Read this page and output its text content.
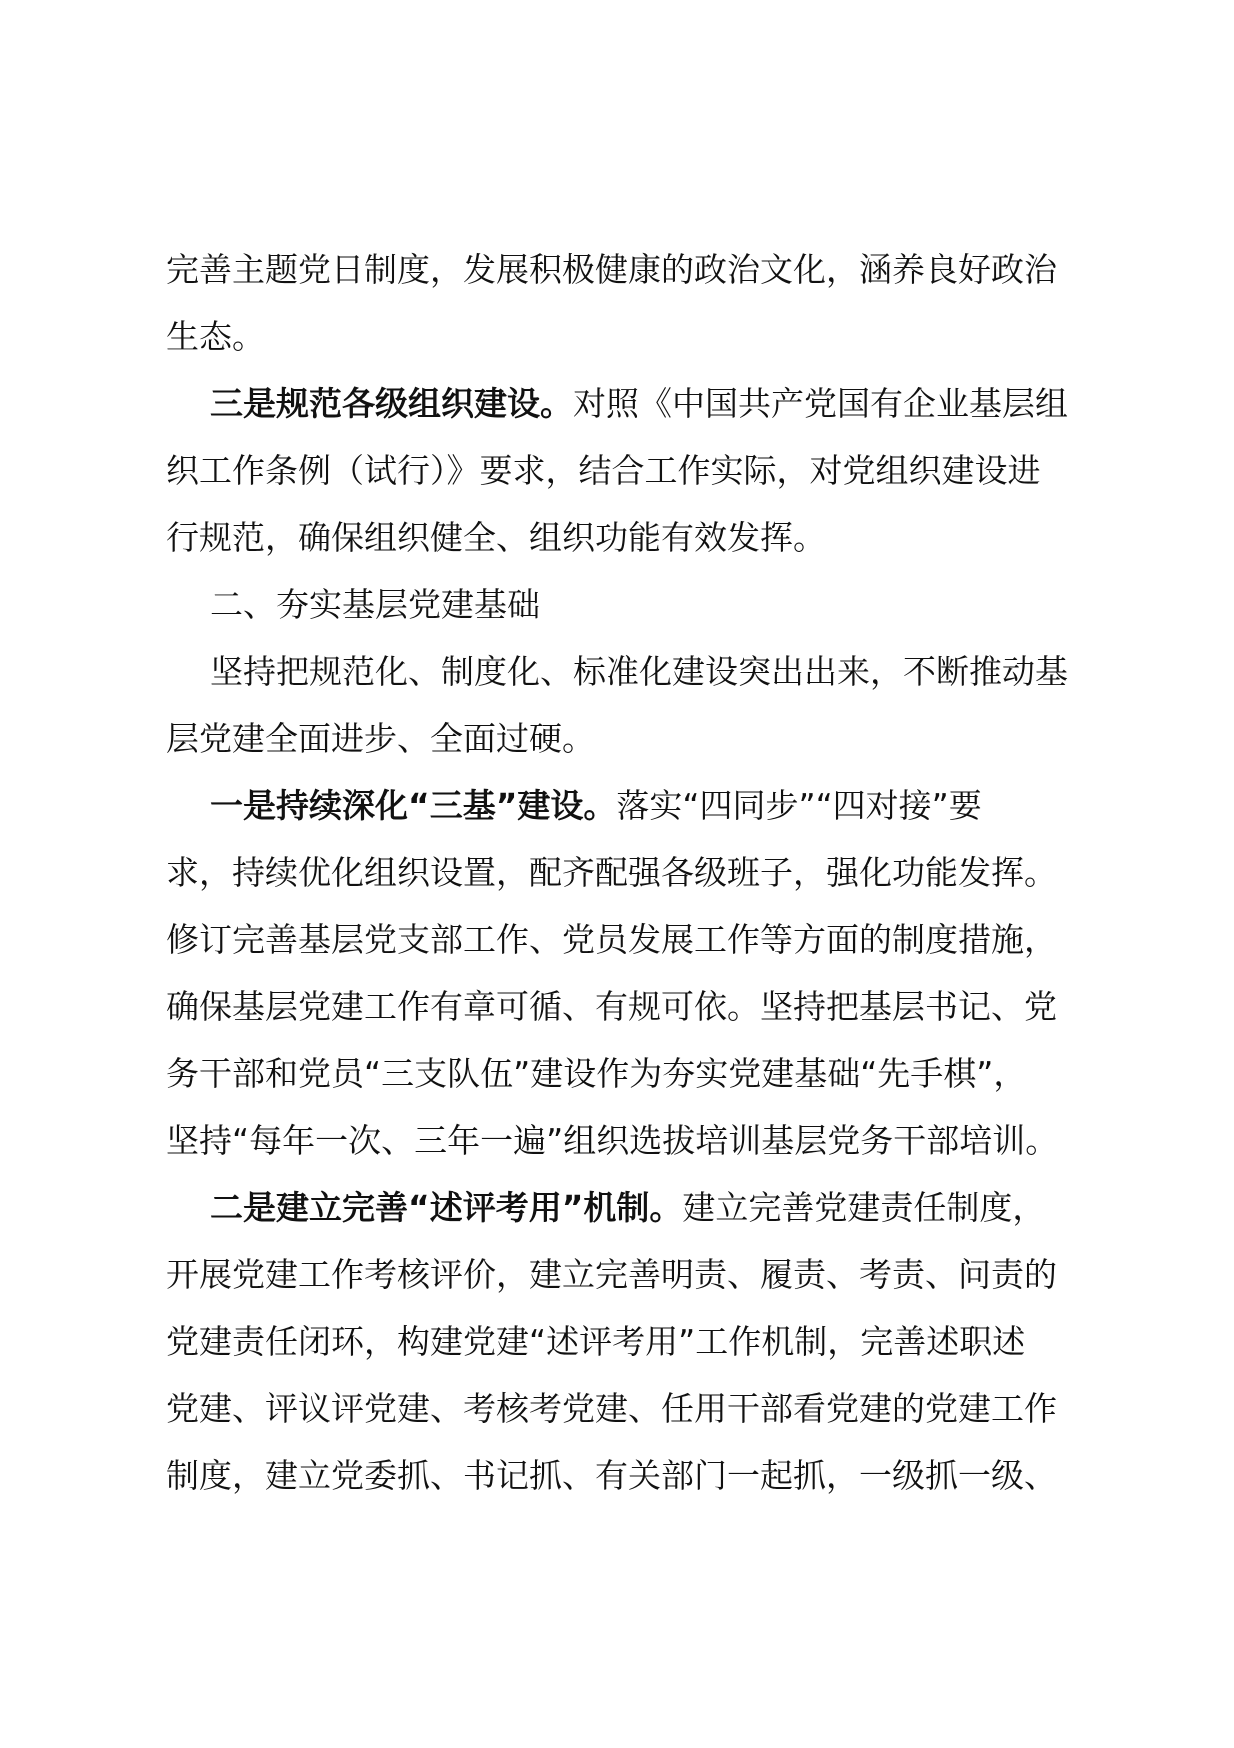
完善主题党日制度，发展积极健康的政治文化，涵养良好政治
生态。
三是规范各级组织建设。对照《中国共产党国有企业基层组
织工作条例（试行）》要求，结合工作实际，对党组织建设进
行规范，确保组织健全、组织功能有效发挥。
二、夯实基层党建基础
坚持把规范化、制度化、标准化建设突出出来，不断推动基
层党建全面进步、全面过硬。
一是持续深化“三基”建设。落实“四同步”“四对接”要
求，持续优化组织设置，配齐配强各级班子，强化功能发挥。
修订完善基层党支部工作、党员发展工作等方面的制度措施，
确保基层党建工作有章可循、有规可依。坚持把基层书记、党
务干部和党员“三支队伍”建设作为夯实党建基础“先手棋”，
坚持“每年一次、三年一遍”组织选拔培训基层党务干部培训。
二是建立完善“述评考用”机制。建立完善党建责任制度，
开展党建工作考核评价，建立完善明责、履责、考责、问责的
党建责任闭环，构建党建“述评考用”工作机制，完善述职述
党建、评议评党建、考核考党建、任用干部看党建的党建工作
制度，建立党委抓、书记抓、有关部门一起抓，一级抓一级、
